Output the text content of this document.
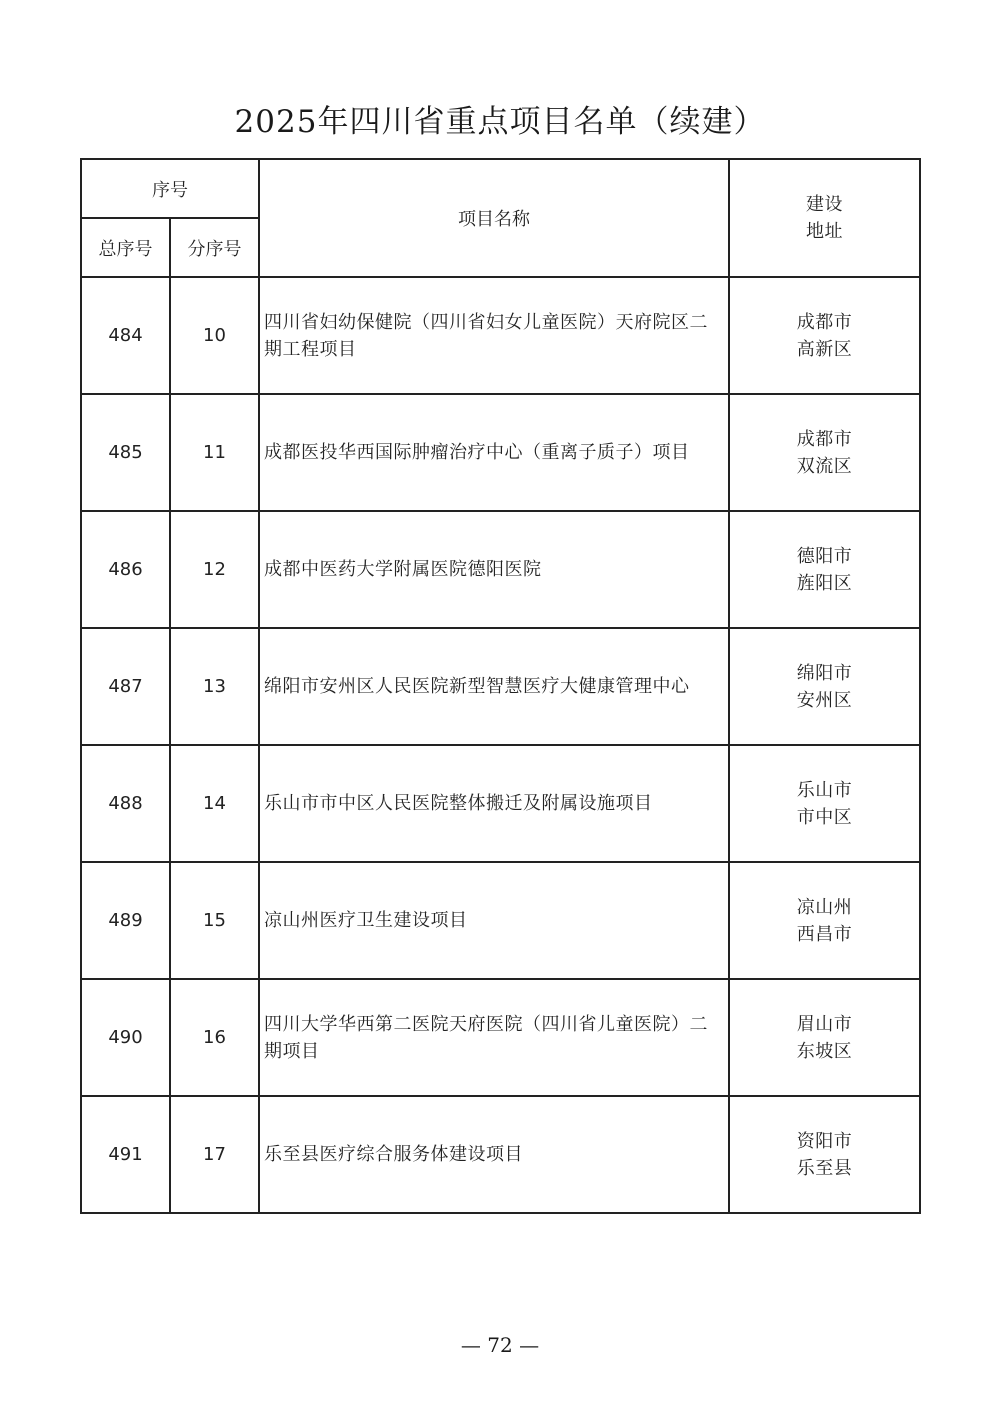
2025年四川省重点项目名单（续建）
序号		项目名称	建设
地址

总序号	分序号		
484	10	四川省妇幼保健院（四川省妇女儿童医院）天府院区二期工程项目	成都市
高新区

485	11	成都医投华西国际肿瘤治疗中心（重离子质子）项目	成都市
双流区

486	12	成都中医药大学附属医院德阳医院	德阳市
旌阳区

487	13	绵阳市安州区人民医院新型智慧医疗大健康管理中心	绵阳市
安州区

488	14	乐山市市中区人民医院整体搬迁及附属设施项目	乐山市
市中区

489	15	凉山州医疗卫生建设项目	凉山州
西昌市

490	16	四川大学华西第二医院天府医院（四川省儿童医院）二期项目	眉山市
东坡区

491	17	乐至县医疗综合服务体建设项目	资阳市
乐至县
— 72 —
